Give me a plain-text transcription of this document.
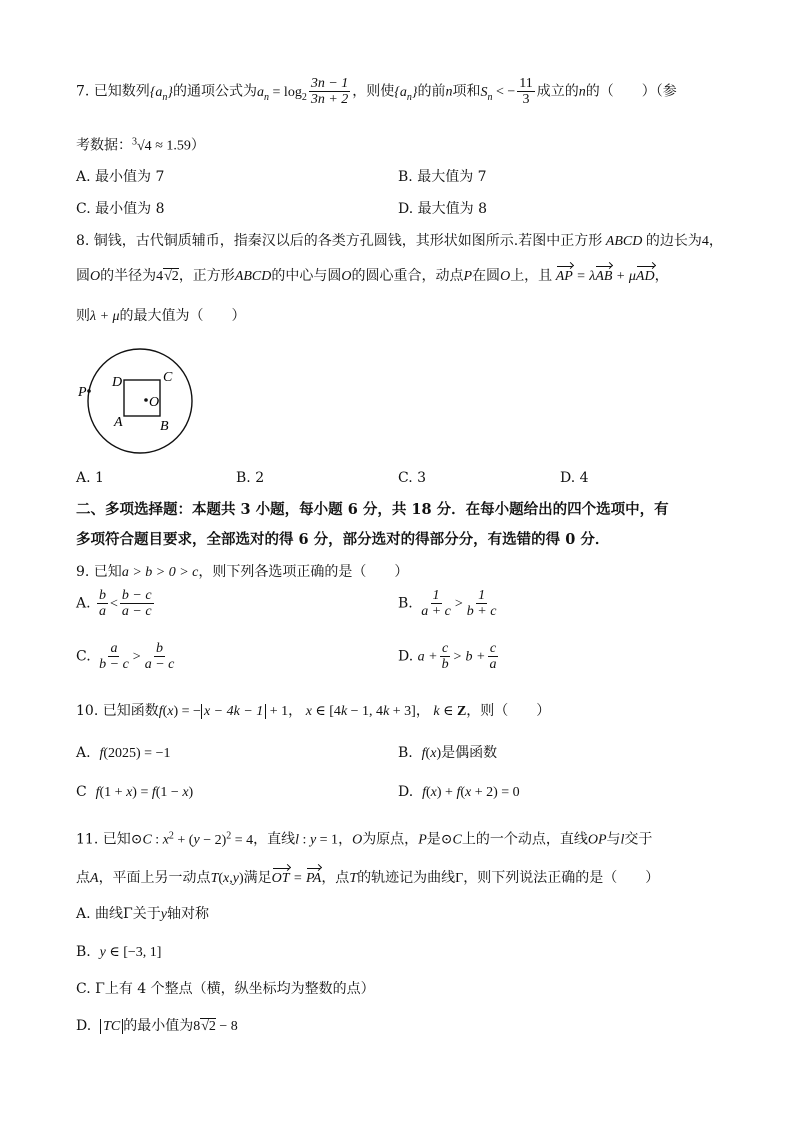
7. 已知数列$\{a_n\}$的通项公式为$a_n = \log_2 \frac{3n - 1}{3n + 2}$ ，则使$\{a_n\}$的前n项和$S_n$ < − $\frac{11}{3}$ 成立的n的（　　）（参
考数据：$^3$√4 ≈ 1.59）
A. 最小值为 7	B. 最大值为 7
C. 最小值为 8	D. 最大值为 8
8. 铜钱，古代铜质辅币，指秦汉以后的各类方孔圆钱，其形状如图所示.若图中正方形 ABCD 的边长为4，
圆O的半径为4√2，正方形ABCD的中心与圆O的圆心重合，动点P在圆O上，且 AP = λAB + μAD，
则λ + μ的最大值为（　　）
P
D	C
O
A	B
A. 1	B. 2	C. 3	D. 4
二、多项选择题：本题共 3 小题，每小题 6 分，共 18 分．在每小题给出的四个选项中，有
多项符合题目要求，全部选对的得 6 分，部分选对的得部分分，有选错的得 0 分．
9. 已知a > b > 0 > c，则下列各选项正确的是（　　）
A. $\frac{b}{a} < \frac{b - c}{a - c}$	B. $\frac{1}{a + c} > \frac{1}{b + c}$
C. $\frac{a}{b - c} > \frac{b}{a - c}$	D. $a + \frac{c}{b} > b + \frac{c}{a}$
10. 已知函数f(x) = − x − 4k − 1 + 1， x ∈ [4k − 1, 4k + 3]， k ∈ Z，则（　　）
A. f(2025) = −1	B. f(x)是偶函数
C f(1 + x) = f(1 − x)	D. f(x) + f(x + 2) = 0
11. 已知⊙C : $x^2 + (y - 2)^2 = 4$，直线l : y = 1，O为原点，P是⊙C上的一个动点，直线OP与l交于
点A，平面上另一动点T(x,y)满足OT = PA，点T的轨迹记为曲线Γ，则下列说法正确的是（　　）
A. 曲线Γ关于y轴对称
B. y ∈ [−3, 1]
C. Γ上有 4 个整点（横，纵坐标均为整数的点）
D. TC 的最小值为8√2 − 8
